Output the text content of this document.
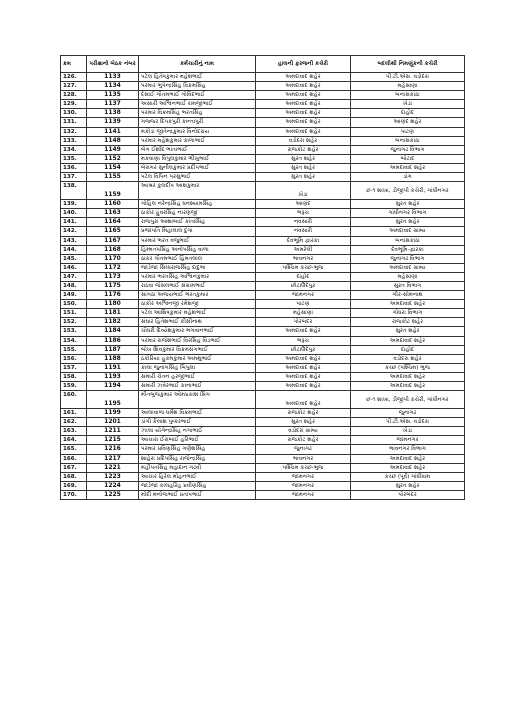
ક્રમ	પરીક્ષાનો બેઠક નંબર	કર્મચારીનું નામ	હાલની ફરજની કચેરી	બદલીથી નિમણૂંકની કચેરી
126.	1133	પટેલ હિતેષકુમાર મહેશભાઈ	અમદાવાદ શહેર	પી.ટી.એસ. વડોદરા
127.	1134	પરમાર ભુપેન્દ્રસિંહ વિક્રમસિંહ	અમદાવાદ શહેર	મહેસાણા
128.	1135	દેસાઈ ગૌતમભાઈ ગોવિંદભાઈ	અમદાવાદ શહેર	બનાસકાંઠા
129.	1137	અસારી અશ્વિનભાઈ રામજીભાઈ	અમદાવાદ શહેર	ખેડા
130.	1138	પરમાર વિક્રમસિંહ ભરતસિંહ	અમદાવાદ શહેર	દાહોદ
131.	1139	ગજ્જર દિપકપુરી કાન્તાપુરી	અમદાવાદ શહેર	આણંદ શહેર
132.	1141	મકોડા જીતેન્દ્રકુમાર વિનોદરાય	અમદાવાદ શહેર	પાટણ
133.	1148	પરમાર મહેશકુમાર કાળાભાઈ	વડોદરા શહેર	બનાસકાંઠા
134.	1149	બેગ ઈર્શાદ ભાતાભાઈ	રાજકોટ શહેર	જુનાગઢ વિભાગ
135.	1152	મકવાણા વિપુલકુમાર ભીખુભાઈ	સુરત શહેર	બોટાદ
136.	1154	બેરાગર સુનીલકુમાર પ્રદીપભાઈ	સુરત શહેર	અમદાવાદ શહેર
137.	1155	પટેલ વિપિન પરસુભાઈ	સુરત શહેર	ડાંગ
138.	1159	આશ્રર કુલદીપ આશકુમાર	ખેડા	છ-૧ શાખા, ડીજીપી કચેરી, ગાંધીનગર
139.	1160	ગોહિલ નરેન્દ્રસિંહ ધનશ્યામસિંહ	આણંદ	સુરત શહેર
140.	1163	ઠાકોર હુંવરસિંહ નારણજી	ભરૂચ	ગાંધીનગર વિભાગ
141.	1164	રાજપુરા આશાબાઈ કાંતાસિંહ	નવસારી	સુરત શહેર
142.	1165	પ્રજાપતિ મિહાલાલ દુંગા	નવસારી	અમદાવાદ ગ્રામ્ય
143.	1167	પરમાર ભરત વજુભાઈ	દેવભૂમિ દ્વારકા	બનાસકાંઠા
144.	1168	હિમ્મતપસિંહ અનોપસિંહ વાળા	અમરેલી	દેવભૂમિ-દ્વારકા
145.	1170	ઠાકર ગૌતમભાઈ હિંમતલાલ	ભાવનગર	જુનાગઢ વિભાગ
146.	1172	જાડેજા સિધ્ધરાજસિંહ દાદુભા	પશ્ચિમ કચ્છ-ભુજ	અમદાવાદ ગ્રામ્ય
147.	1173	પરમાર ભરતસિંહ અશ્વિનકુમાર	દાહોદ	મહેસાણા
148.	1175	રાઠવા જેસલભાઈ સંગ્રામભાઈ	છોટાઉદેપુર	સુરત વિભાગ
149.	1176	સાગઠા અજયભાઈ ભરતકુમાર	જામનગર	ગીર-સોમનાથ
150.	1180	ઠાકોર અશ્વિનજી રમેશજી	પાટણ	અમદાવાદ શહેર
151.	1181	પટેલ આશિષકુમાર મહેશભાઈ	મહેસાણા	ગોધરા વિભાગ
152.	1182	સંઘાર હિતેશભાઈ કીસીનાથ	પોરબંદર	રાજકોટ શહેર
153.	1184	ચૌધરી દિવ્યેશકુમાર ભગવાનભાઈ	અમદાવાદ શહેર	સુરત શહેર
154.	1186	પરમાર રાજેશભાઈ વિરસિંહ વિડભાઈ	ભરૂચ	અમદાવાદ શહેર
155.	1187	બોખ શિવકુમાર વિક્રમસંગભાઈ	છોટાઉદેપુર	દાહોદ
156.	1188	ઠકોરિયા હુકમકુમાર અમથુભાઈ	અમદાવાદ શહેર	વડોદરા શહેર
157.	1191	કાલા જુનાગસિંહ બિપુલા	અમદાવાદ શહેર	કચ્છ (પશ્ચિમ) ભુજ
158.	1193	સમારી ચેતન હરજીભાઈ	અમદાવાદ શહેર	અમદાવાદ શહેર
159.	1194	સમારી ઝવેરભાઈ કાનાભાઈ	અમદાવાદ શહેર	અમદાવાદ શહેર
160.	1195	મીતબુજકુમાર ઓમપ્રકાશ સિંગ	અમદાવાદ શહેર	છ-૧ શાખા, ડીજીપી કચેરી, ગાંધીનગર
161.	1199	આલાવાળા ધર્મેશ વિક્રમભાઈ	રાજકોટ શહેર	જુનાગઢ
162.	1201	ડાંગી કૈલાશ પુષ્કરભાઈ	સુરત શહેર	પી.ટી.એસ. વડોદરા
163.	1211	ઝાલા યોગેન્દ્રસિંહ નગાભાઈ	વડોદરા ગ્રામ્ય	ખેડા
164.	1215	આચારા ઈરાબાઈ હરિભાઈ	રાજકોટ શહેર	જામનગર
165.	1216	પરમાર પ્રવિણસિંહ ગણેશસિંહ	જુનાગઢ	ભાવનગર વિભાગ
166.	1217	શાહેરા પ્રદિપસિંહ રાજેન્દ્રસિંહ	ભાવનગર	અમદાવાદ શહેર
167.	1221	મહીપતસિંહ મહાદાન ગઢવી	પશ્ચિમ કચ્છ-ભુજ	અમદાવાદ શહેર
168.	1223	આચાર હિરેલ મોહનભાઈ	જામનગર	કચ્છ (પૂર્વ) ગાંધીધામ
169.	1224	જાડેજા કાલહરિંહ પ્રવીણસિંહ	જામનગર	સુરત શહેર
170.	1225	મોદી મનોજભાઈ પ્રતાપભાઈ	જામનગર	પોરબંદર
